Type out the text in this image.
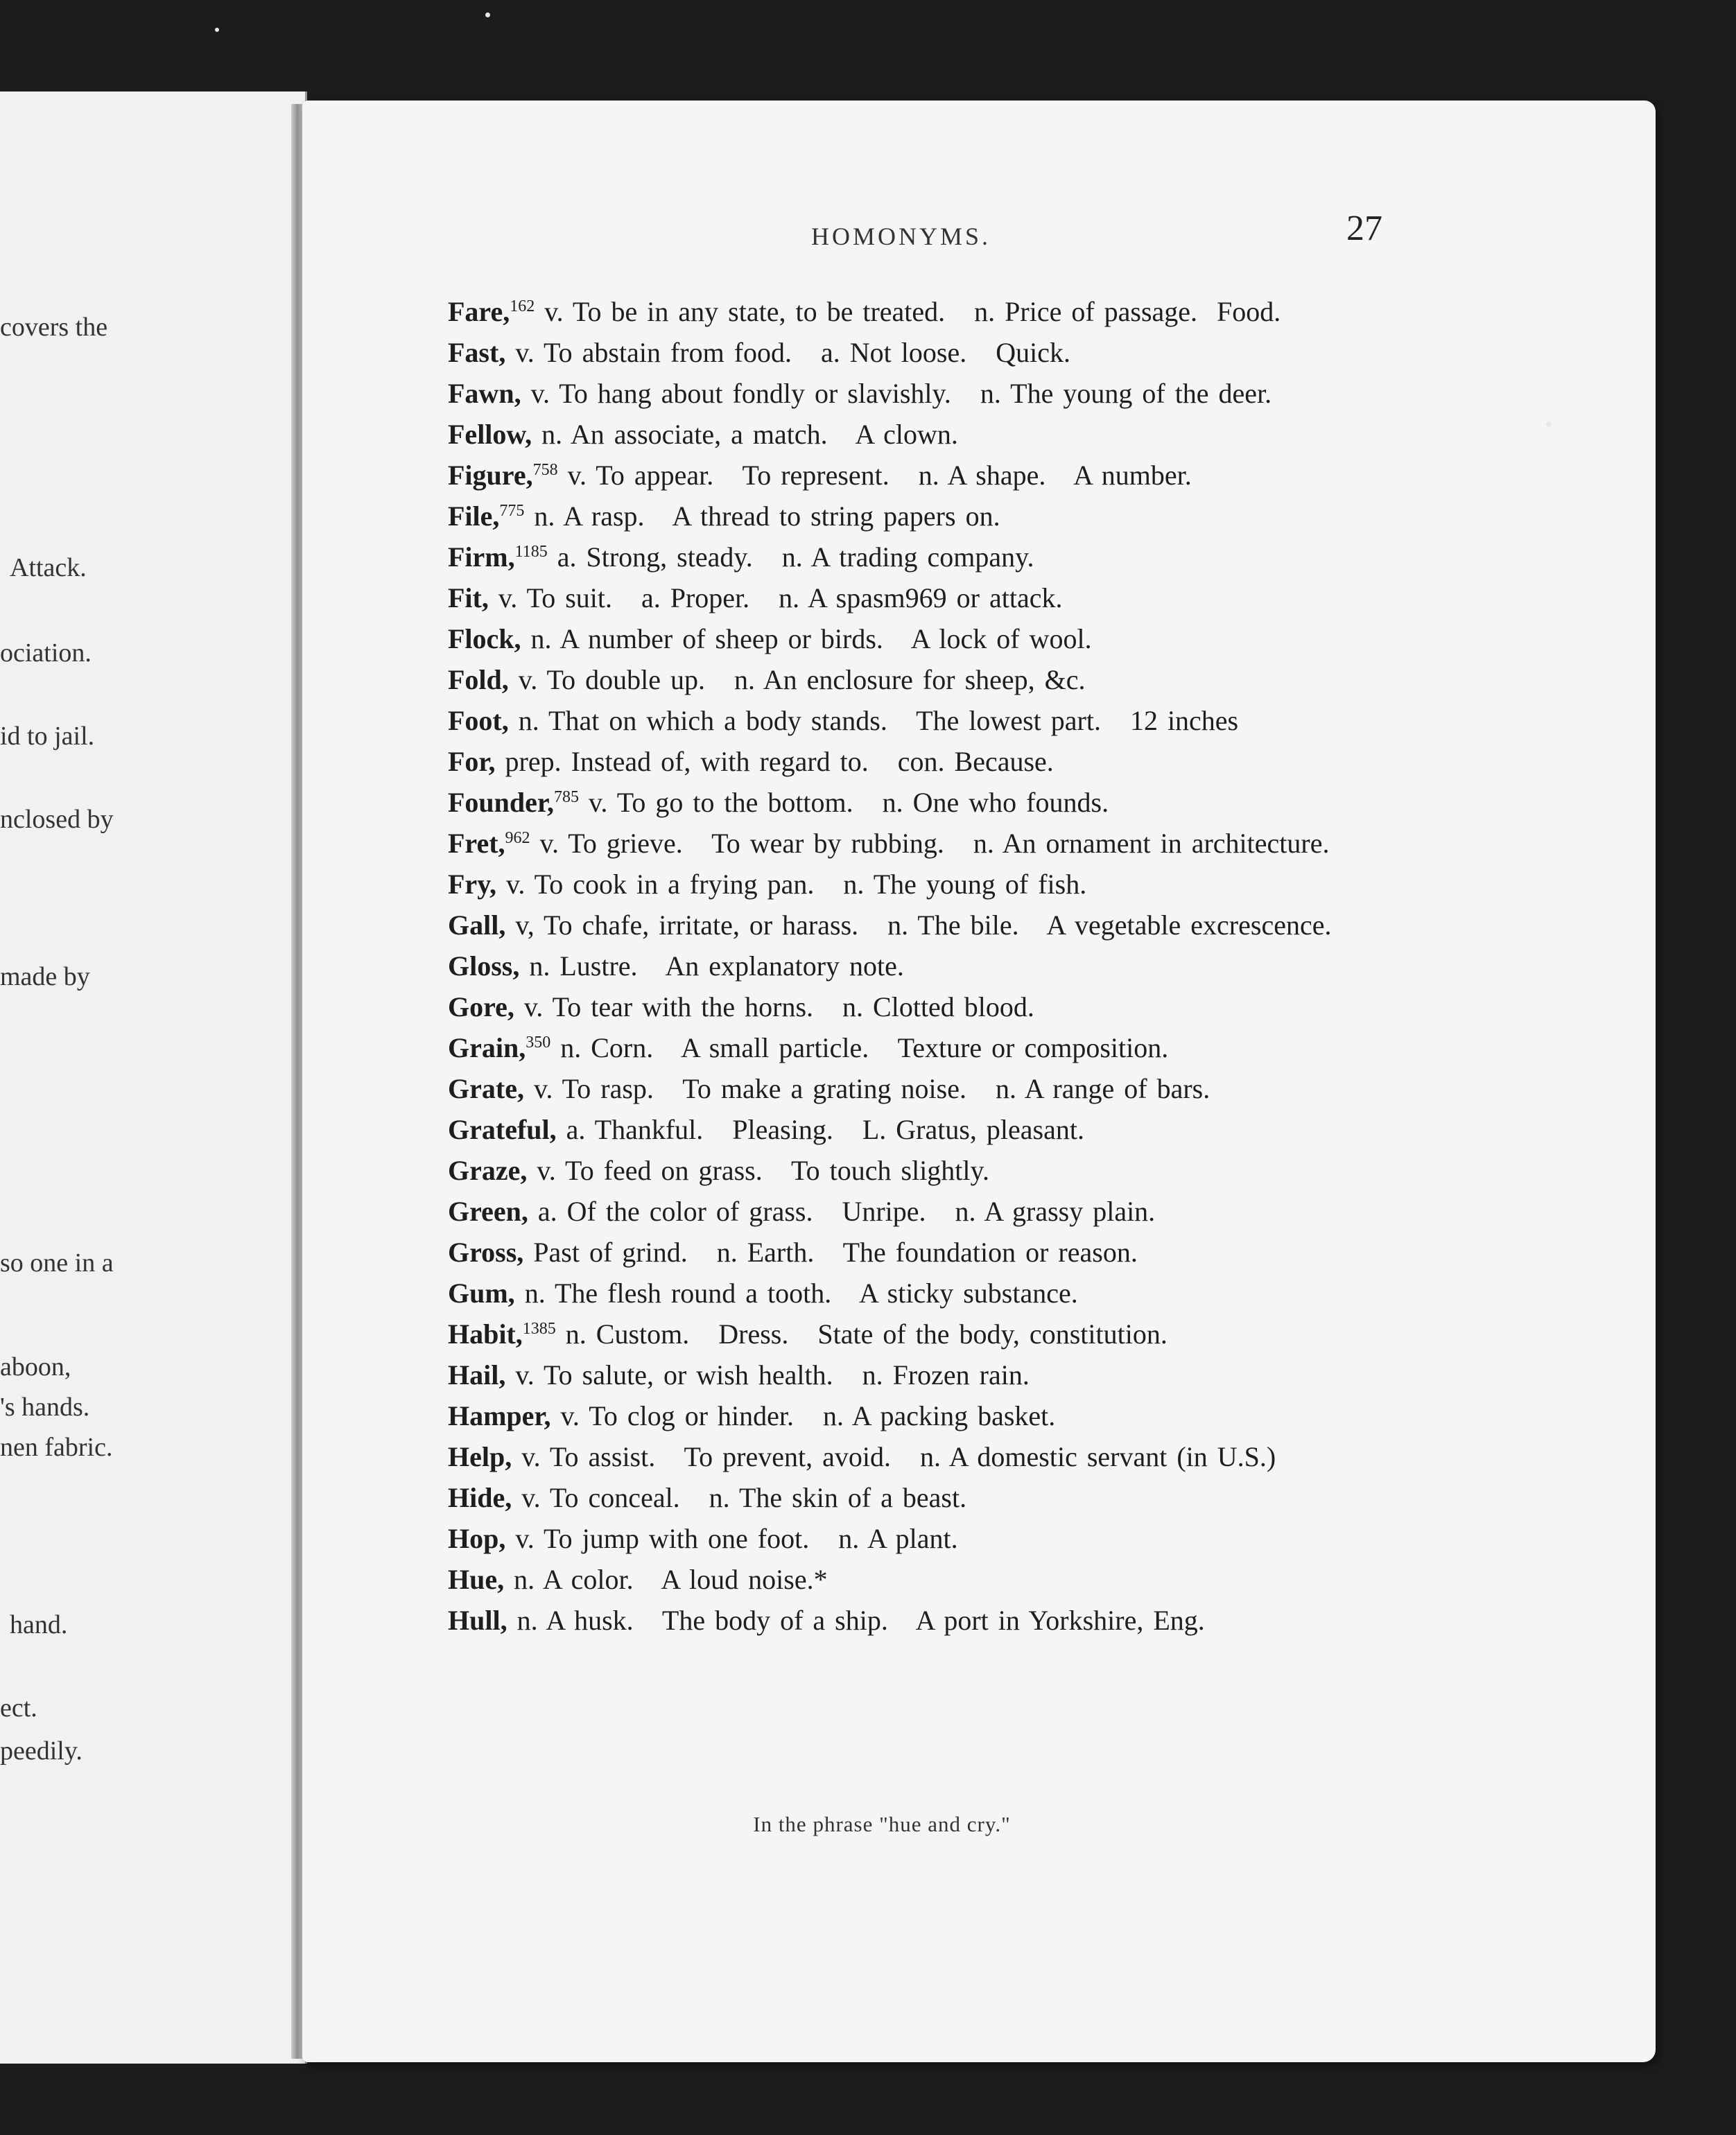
covers the
Attack.
ociation.
id to jail.
nclosed by
made by
so one in a
aboon,
's hands.
nen fabric.
hand.
ect.
peedily.
HOMONYMS.	27
Fare,$^{162}$ v. To be in any state, to be treated.   n. Price of passage.  Food.
Fast, v. To abstain from food.   a. Not loose.   Quick.
Fawn, v. To hang about fondly or slavishly.   n. The young of the deer.
Fellow, n. An associate, a match.   A clown.
Figure,$^{758}$ v. To appear.   To represent.   n. A shape.   A number.
File,$^{775}$ n. A rasp.   A thread to string papers on.
Firm,$^{1185}$ a. Strong, steady.   n. A trading company.
Fit, v. To suit.   a. Proper.   n. A spasm969 or attack.
Flock, n. A number of sheep or birds.   A lock of wool.
Fold, v. To double up.   n. An enclosure for sheep, &c.
Foot, n. That on which a body stands.   The lowest part.   12 inches
For, prep. Instead of, with regard to.   con. Because.
Founder,$^{785}$ v. To go to the bottom.   n. One who founds.
Fret,$^{962}$ v. To grieve.   To wear by rubbing.   n. An ornament in architecture.
Fry, v. To cook in a frying pan.   n. The young of fish.
Gall, v, To chafe, irritate, or harass.   n. The bile.   A vegetable excrescence.
Gloss, n. Lustre.   An explanatory note.
Gore, v. To tear with the horns.   n. Clotted blood.
Grain,$^{350}$ n. Corn.   A small particle.   Texture or composition.
Grate, v. To rasp.   To make a grating noise.   n. A range of bars.
Grateful, a. Thankful.   Pleasing.   L. Gratus, pleasant.
Graze, v. To feed on grass.   To touch slightly.
Green, a. Of the color of grass.   Unripe.   n. A grassy plain.
Gross, Past of grind.   n. Earth.   The foundation or reason.
Gum, n. The flesh round a tooth.   A sticky substance.
Habit,$^{1385}$ n. Custom.   Dress.   State of the body, constitution.
Hail, v. To salute, or wish health.   n. Frozen rain.
Hamper, v. To clog or hinder.   n. A packing basket.
Help, v. To assist.   To prevent, avoid.   n. A domestic servant (in U.S.)
Hide, v. To conceal.   n. The skin of a beast.
Hop, v. To jump with one foot.   n. A plant.
Hue, n. A color.   A loud noise.*
Hull, n. A husk.   The body of a ship.   A port in Yorkshire, Eng.
In the phrase "hue and cry."
